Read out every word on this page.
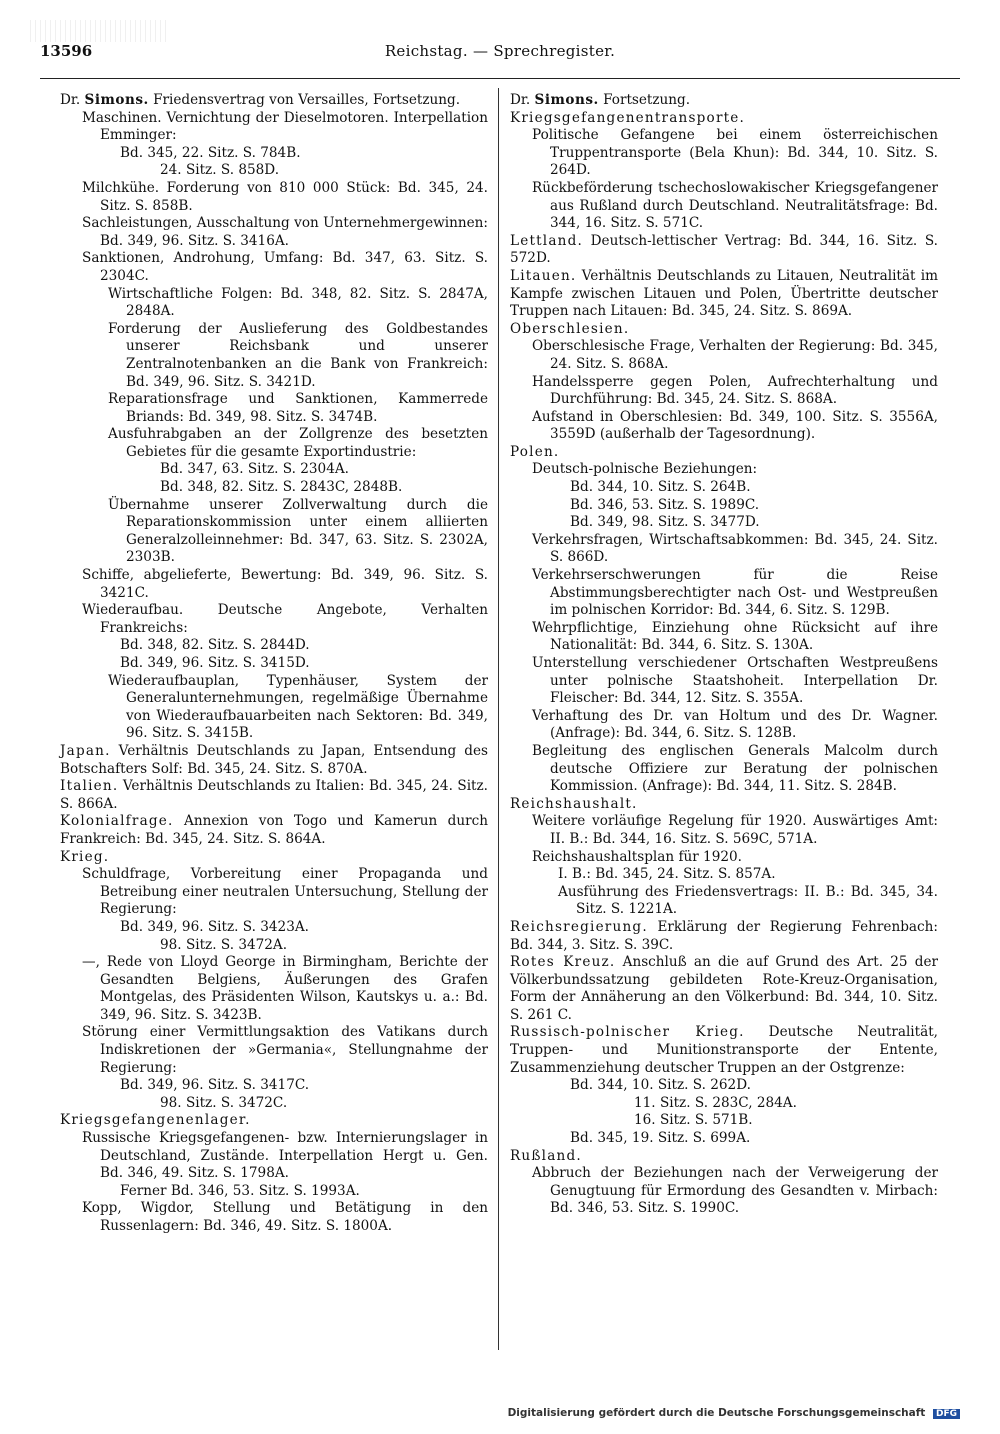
13596	Reichstag. — Sprechregister.

Dr. Simons. Friedensvertrag von Versailles, Fortsetzung.

Maschinen. Vernichtung der Dieselmotoren. Interpellation Emminger:

Bd. 345, 22. Sitz. S. 784B.

24. Sitz. S. 858D.

Milchkühe. Forderung von 810 000 Stück: Bd. 345, 24. Sitz. S. 858B.

Sachleistungen, Ausschaltung von Unternehmergewinnen: Bd. 349, 96. Sitz. S. 3416A.

Sanktionen, Androhung, Umfang: Bd. 347, 63. Sitz. S. 2304C.

Wirtschaftliche Folgen: Bd. 348, 82. Sitz. S. 2847A, 2848A.

Forderung der Auslieferung des Goldbestandes unserer Reichsbank und unserer Zentralnotenbanken an die Bank von Frankreich: Bd. 349, 96. Sitz. S. 3421D.

Reparationsfrage und Sanktionen, Kammerrede Briands: Bd. 349, 98. Sitz. S. 3474B.

Ausfuhrabgaben an der Zollgrenze des besetzten Gebietes für die gesamte Exportindustrie:

Bd. 347, 63. Sitz. S. 2304A.

Bd. 348, 82. Sitz. S. 2843C, 2848B.

Übernahme unserer Zollverwaltung durch die Reparationskommission unter einem alliierten Generalzolleinnehmer: Bd. 347, 63. Sitz. S. 2302A, 2303B.

Schiffe, abgelieferte, Bewertung: Bd. 349, 96. Sitz. S. 3421C.

Wiederaufbau. Deutsche Angebote, Verhalten Frankreichs:

Bd. 348, 82. Sitz. S. 2844D.

Bd. 349, 96. Sitz. S. 3415D.

Wiederaufbauplan, Typenhäuser, System der Generalunternehmungen, regelmäßige Übernahme von Wiederaufbauarbeiten nach Sektoren: Bd. 349, 96. Sitz. S. 3415B.

Japan. Verhältnis Deutschlands zu Japan, Entsendung des Botschafters Solf: Bd. 345, 24. Sitz. S. 870A.

Italien. Verhältnis Deutschlands zu Italien: Bd. 345, 24. Sitz. S. 866A.

Kolonialfrage. Annexion von Togo und Kamerun durch Frankreich: Bd. 345, 24. Sitz. S. 864A.

Krieg.

Schuldfrage, Vorbereitung einer Propaganda und Betreibung einer neutralen Untersuchung, Stellung der Regierung:

Bd. 349, 96. Sitz. S. 3423A.

98. Sitz. S. 3472A.

—, Rede von Lloyd George in Birmingham, Berichte der Gesandten Belgiens, Äußerungen des Grafen Montgelas, des Präsidenten Wilson, Kautskys u. a.: Bd. 349, 96. Sitz. S. 3423B.

Störung einer Vermittlungsaktion des Vatikans durch Indiskretionen der »Germania«, Stellungnahme der Regierung:

Bd. 349, 96. Sitz. S. 3417C.

98. Sitz. S. 3472C.

Kriegsgefangenenlager.

Russische Kriegsgefangenen- bzw. Internierungslager in Deutschland, Zustände. Interpellation Hergt u. Gen. Bd. 346, 49. Sitz. S. 1798A.

Ferner Bd. 346, 53. Sitz. S. 1993A.

Kopp, Wigdor, Stellung und Betätigung in den Russenlagern: Bd. 346, 49. Sitz. S. 1800A.

Dr. Simons. Fortsetzung.

Kriegsgefangenentransporte.

Politische Gefangene bei einem österreichischen Truppentransporte (Bela Khun): Bd. 344, 10. Sitz. S. 264D.

Rückbeförderung tschechoslowakischer Kriegsgefangener aus Rußland durch Deutschland. Neutralitätsfrage: Bd. 344, 16. Sitz. S. 571C.

Lettland. Deutsch-lettischer Vertrag: Bd. 344, 16. Sitz. S. 572D.

Litauen. Verhältnis Deutschlands zu Litauen, Neutralität im Kampfe zwischen Litauen und Polen, Übertritte deutscher Truppen nach Litauen: Bd. 345, 24. Sitz. S. 869A.

Oberschlesien.

Oberschlesische Frage, Verhalten der Regierung: Bd. 345, 24. Sitz. S. 868A.

Handelssperre gegen Polen, Aufrechterhaltung und Durchführung: Bd. 345, 24. Sitz. S. 868A.

Aufstand in Oberschlesien: Bd. 349, 100. Sitz. S. 3556A, 3559D (außerhalb der Tagesordnung).

Polen.

Deutsch-polnische Beziehungen:

Bd. 344, 10. Sitz. S. 264B.

Bd. 346, 53. Sitz. S. 1989C.

Bd. 349, 98. Sitz. S. 3477D.

Verkehrsfragen, Wirtschaftsabkommen: Bd. 345, 24. Sitz. S. 866D.

Verkehrserschwerungen für die Reise Abstimmungsberechtigter nach Ost- und Westpreußen im polnischen Korridor: Bd. 344, 6. Sitz. S. 129B.

Wehrpflichtige, Einziehung ohne Rücksicht auf ihre Nationalität: Bd. 344, 6. Sitz. S. 130A.

Unterstellung verschiedener Ortschaften Westpreußens unter polnische Staatshoheit. Interpellation Dr. Fleischer: Bd. 344, 12. Sitz. S. 355A.

Verhaftung des Dr. van Holtum und des Dr. Wagner. (Anfrage): Bd. 344, 6. Sitz. S. 128B.

Begleitung des englischen Generals Malcolm durch deutsche Offiziere zur Beratung der polnischen Kommission. (Anfrage): Bd. 344, 11. Sitz. S. 284B.

Reichshaushalt.

Weitere vorläufige Regelung für 1920. Auswärtiges Amt: II. B.: Bd. 344, 16. Sitz. S. 569C, 571A.

Reichshaushaltsplan für 1920.

I. B.: Bd. 345, 24. Sitz. S. 857A.

Ausführung des Friedensvertrags: II. B.: Bd. 345, 34. Sitz. S. 1221A.

Reichsregierung. Erklärung der Regierung Fehrenbach: Bd. 344, 3. Sitz. S. 39C.

Rotes Kreuz. Anschluß an die auf Grund des Art. 25 der Völkerbundssatzung gebildeten Rote-Kreuz-Organisation, Form der Annäherung an den Völkerbund: Bd. 344, 10. Sitz. S. 261 C.

Russisch-polnischer Krieg. Deutsche Neutralität, Truppen- und Munitionstransporte der Entente, Zusammenziehung deutscher Truppen an der Ostgrenze:

Bd. 344, 10. Sitz. S. 262D.

11. Sitz. S. 283C, 284A.

16. Sitz. S. 571B.

Bd. 345, 19. Sitz. S. 699A.

Rußland.

Abbruch der Beziehungen nach der Verweigerung der Genugtuung für Ermordung des Gesandten v. Mirbach: Bd. 346, 53. Sitz. S. 1990C.

Digitalisierung gefördert durch die Deutsche Forschungsgemeinschaft DFG
